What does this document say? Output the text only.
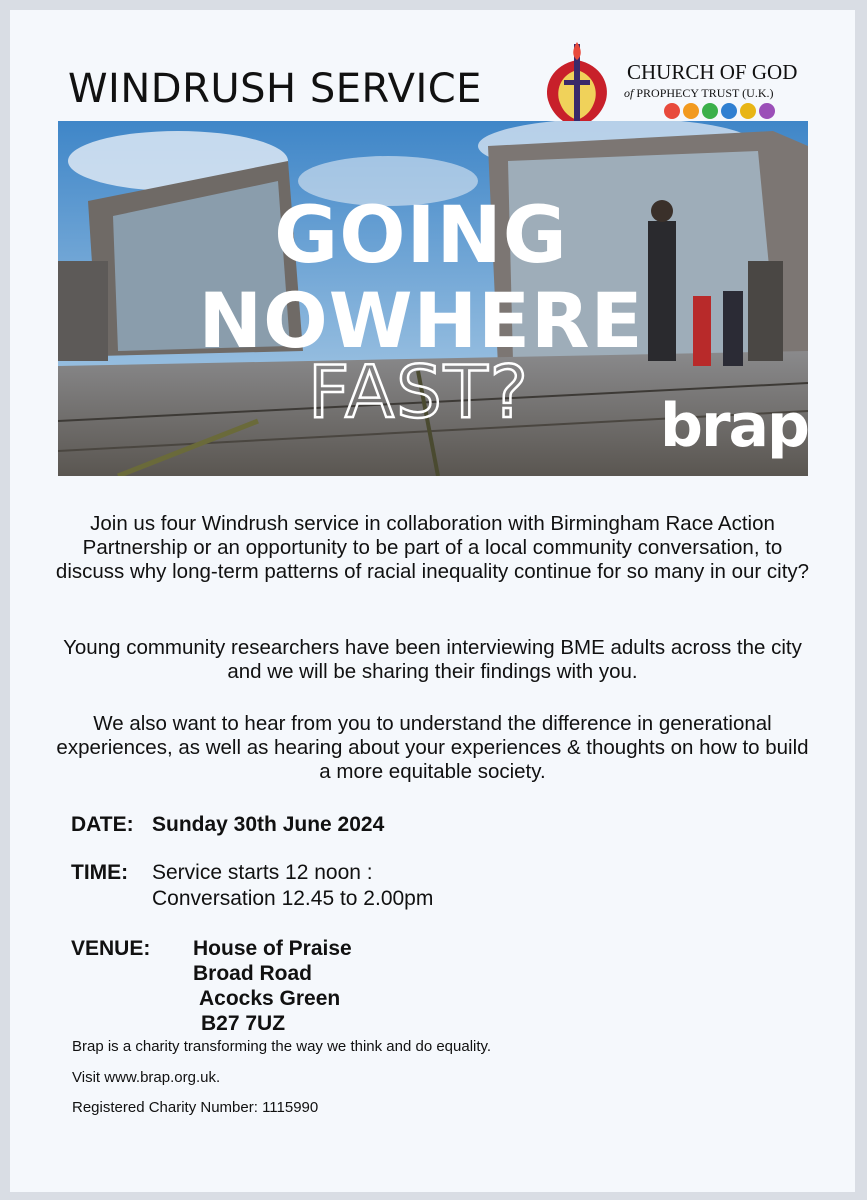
WINDRUSH SERVICE	CHURCH OF GOD
of PROPHECY TRUST (U.K.)
GOING
NOWHERE
FAST?	brap
Join us four Windrush service in collaboration with Birmingham Race Action Partnership or an opportunity to be part of a local community conversation, to discuss why long-term patterns of racial inequality continue for so many in our city?
Young community researchers have been interviewing BME adults across the city and we will be sharing their findings with you.
We also want to hear from you to understand the difference in generational experiences, as well as hearing about your experiences & thoughts on how to build a more equitable society.
DATE: Sunday 30th June 2024
TIME: Service starts 12 noon :
Conversation 12.45 to 2.00pm
VENUE: House of Praise
Broad Road
Acocks Green
B27 7UZ
Brap is a charity transforming the way we think and do equality.
Visit www.brap.org.uk.
Registered Charity Number: 1115990
